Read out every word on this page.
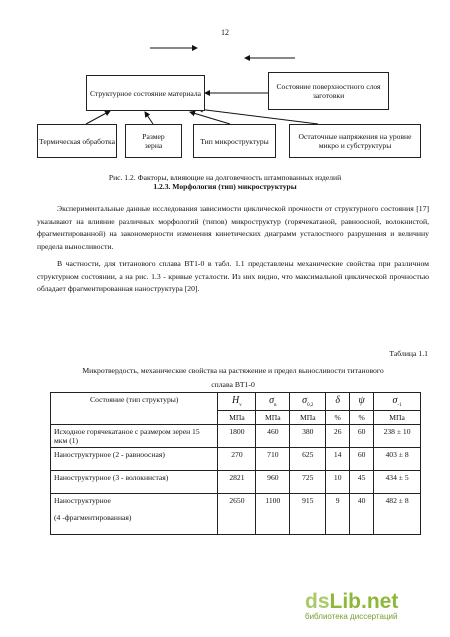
12
Структурное состояние материала
Состояние поверхностного слоя заготовки
Термическая обработка	Размер зерна	Тип микроструктуры	Остаточные напряжения на уровне микро и субструктуры
Рис. 1.2. Факторы, влияющие на долговечность штампованных изделий
1.2.3. Морфология (тип) микроструктуры

Экспериментальные данные исследования зависимости циклической прочности от структурного состояния [17] указывают на влияние различных морфологий (типов) микроструктур (горячекатаной, равноосной, волокнистой, фрагментированной) на закономерности изменения кинетических диаграмм усталостного разрушения и величину предела выносливости.

В частности, для титанового сплава ВТ1-0 в табл. 1.1 представлены механические свойства при различном структурном состоянии, а на рис. 1.3 - кривые усталости. Из них видно, что максимальной циклической прочностью обладает фрагментированная наноструктура [20].

Таблица 1.1
Микротвердость, механические свойства на растяжение и предел выносливости титанового
сплава ВТ1-0
Состояние (тип структуры)	$H_v$	$\sigma_в$	$\sigma_{0,2}$	δ	ψ	$\sigma_{-1}$
	МПа	МПа	МПа	%	%	МПа
Исходное горячекатаное с размером зерен 15 мкм (1)	1800	460	380	26	60	238 ± 10
Наноструктурное (2 - равноосная)	270	710	625	14	60	403 ± 8
Наноструктурное (3 - волокнистая)	2821	960	725	10	45	434 ± 5

Наноструктурное
(4 -фрагментированная)	2650	1100	915	9	40	482 ± 8
dsLib.net
библиотека диссертаций
